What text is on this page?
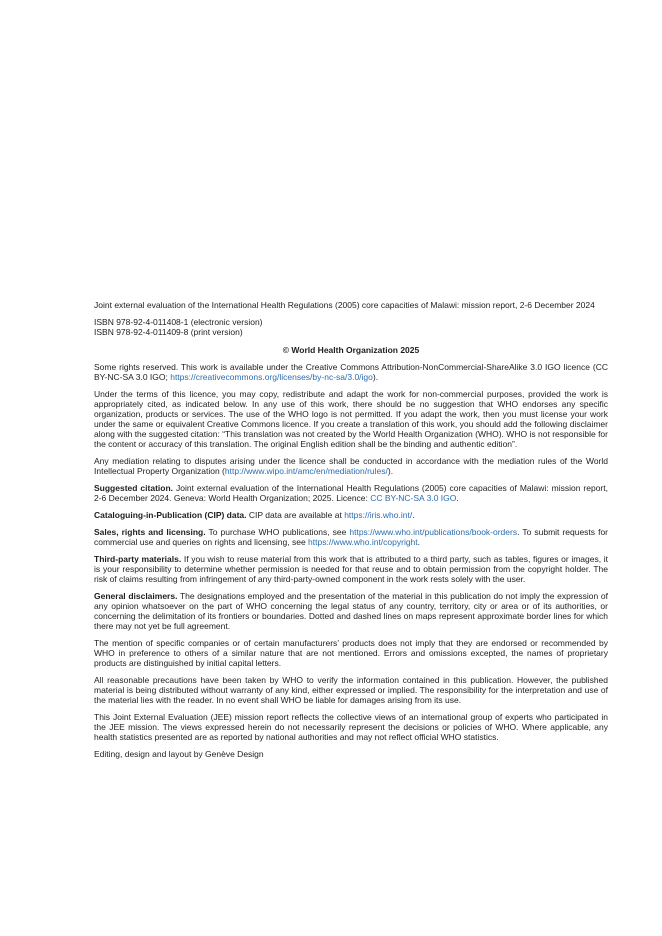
Joint external evaluation of the International Health Regulations (2005) core capacities of Malawi: mission report, 2-6 December 2024

ISBN 978-92-4-011408-1 (electronic version)
ISBN 978-92-4-011409-8 (print version)

© World Health Organization 2025

Some rights reserved. This work is available under the Creative Commons Attribution-NonCommercial-ShareAlike 3.0 IGO licence (CC BY-NC-SA 3.0 IGO; https://creativecommons.org/licenses/by-nc-sa/3.0/igo).

Under the terms of this licence, you may copy, redistribute and adapt the work for non-commercial purposes, provided the work is appropriately cited, as indicated below. In any use of this work, there should be no suggestion that WHO endorses any specific organization, products or services. The use of the WHO logo is not permitted. If you adapt the work, then you must license your work under the same or equivalent Creative Commons licence. If you create a translation of this work, you should add the following disclaimer along with the suggested citation: “This translation was not created by the World Health Organization (WHO). WHO is not responsible for the content or accuracy of this translation. The original English edition shall be the binding and authentic edition”.

Any mediation relating to disputes arising under the licence shall be conducted in accordance with the mediation rules of the World Intellectual Property Organization (http://www.wipo.int/amc/en/mediation/rules/).

Suggested citation. Joint external evaluation of the International Health Regulations (2005) core capacities of Malawi: mission report, 2-6 December 2024. Geneva: World Health Organization; 2025. Licence: CC BY-NC-SA 3.0 IGO.

Cataloguing-in-Publication (CIP) data. CIP data are available at https://iris.who.int/.

Sales, rights and licensing. To purchase WHO publications, see https://www.who.int/publications/book-orders. To submit requests for commercial use and queries on rights and licensing, see https://www.who.int/copyright.

Third-party materials. If you wish to reuse material from this work that is attributed to a third party, such as tables, figures or images, it is your responsibility to determine whether permission is needed for that reuse and to obtain permission from the copyright holder. The risk of claims resulting from infringement of any third-party-owned component in the work rests solely with the user.

General disclaimers. The designations employed and the presentation of the material in this publication do not imply the expression of any opinion whatsoever on the part of WHO concerning the legal status of any country, territory, city or area or of its authorities, or concerning the delimitation of its frontiers or boundaries. Dotted and dashed lines on maps represent approximate border lines for which there may not yet be full agreement.

The mention of specific companies or of certain manufacturers’ products does not imply that they are endorsed or recommended by WHO in preference to others of a similar nature that are not mentioned. Errors and omissions excepted, the names of proprietary products are distinguished by initial capital letters.

All reasonable precautions have been taken by WHO to verify the information contained in this publication. However, the published material is being distributed without warranty of any kind, either expressed or implied. The responsibility for the interpretation and use of the material lies with the reader. In no event shall WHO be liable for damages arising from its use.

This Joint External Evaluation (JEE) mission report reflects the collective views of an international group of experts who participated in the JEE mission. The views expressed herein do not necessarily represent the decisions or policies of WHO. Where applicable, any health statistics presented are as reported by national authorities and may not reflect official WHO statistics.

Editing, design and layout by Genève Design
